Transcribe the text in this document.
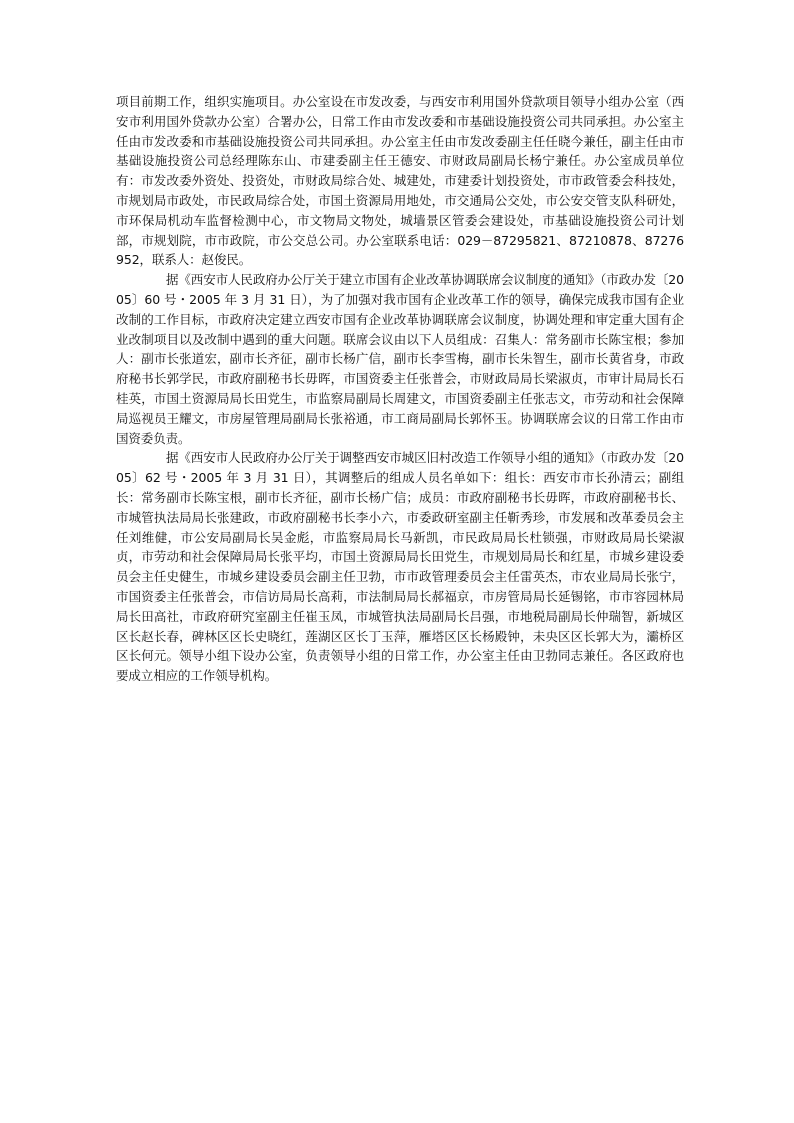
项目前期工作，组织实施项目。办公室设在市发改委，与西安市利用国外贷款项目领导小组办公室（西安市利用国外贷款办公室）合署办公，日常工作由市发改委和市基础设施投资公司共同承担。办公室主任由市发改委和市基础设施投资公司共同承担。办公室主任由市发改委副主任任晓今兼任，副主任由市基础设施投资公司总经理陈东山、市建委副主任王德安、市财政局副局长杨宁兼任。办公室成员单位有：市发改委外资处、投资处，市财政局综合处、城建处，市建委计划投资处，市市政管委会科技处，市规划局市政处，市民政局综合处，市国土资源局用地处，市交通局公交处，市公安交管支队科研处，市环保局机动车监督检测中心，市文物局文物处，城墙景区管委会建设处，市基础设施投资公司计划部，市规划院，市市政院，市公交总公司。办公室联系电话：029－87295821、87210878、87276952，联系人：赵俊民。

据《西安市人民政府办公厅关于建立市国有企业改革协调联席会议制度的通知》（市政办发〔2005〕60 号・2005 年 3 月 31 日），为了加强对我市国有企业改革工作的领导，确保完成我市国有企业改制的工作目标，市政府决定建立西安市国有企业改革协调联席会议制度，协调处理和审定重大国有企业改制项目以及改制中遇到的重大问题。联席会议由以下人员组成：召集人：常务副市长陈宝根；参加人：副市长张道宏，副市长齐征，副市长杨广信，副市长李雪梅，副市长朱智生，副市长黄省身，市政府秘书长郭学民，市政府副秘书长毋晖，市国资委主任张普会，市财政局局长梁淑贞，市审计局局长石桂英，市国土资源局局长田党生，市监察局副局长周建文，市国资委副主任张志文，市劳动和社会保障局巡视员王耀文，市房屋管理局副局长张裕通，市工商局副局长郭怀玉。协调联席会议的日常工作由市国资委负责。

据《西安市人民政府办公厅关于调整西安市城区旧村改造工作领导小组的通知》（市政办发〔2005〕62 号・2005 年 3 月 31 日），其调整后的组成人员名单如下：组长：西安市市长孙清云；副组长：常务副市长陈宝根，副市长齐征，副市长杨广信；成员：市政府副秘书长毋晖，市政府副秘书长、市城管执法局局长张建政，市政府副秘书长李小六，市委政研室副主任靳秀珍，市发展和改革委员会主任刘维健，市公安局副局长吴金彪，市监察局局长马新凯，市民政局局长杜锁强，市财政局局长梁淑贞，市劳动和社会保障局局长张平均，市国土资源局局长田党生，市规划局局长和红星，市城乡建设委员会主任史健生，市城乡建设委员会副主任卫勃，市市政管理委员会主任雷英杰，市农业局局长张宁，市国资委主任张普会，市信访局局长高莉，市法制局局长郝福京，市房管局局长延锡铭，市市容园林局局长田高社，市政府研究室副主任崔玉凤，市城管执法局副局长吕强，市地税局副局长仲瑞智，新城区区长赵长春，碑林区区长史晓红，莲湖区区长丁玉萍，雁塔区区长杨殿钟，未央区区长郭大为，灞桥区区长何元。领导小组下设办公室，负责领导小组的日常工作，办公室主任由卫勃同志兼任。各区政府也要成立相应的工作领导机构。
